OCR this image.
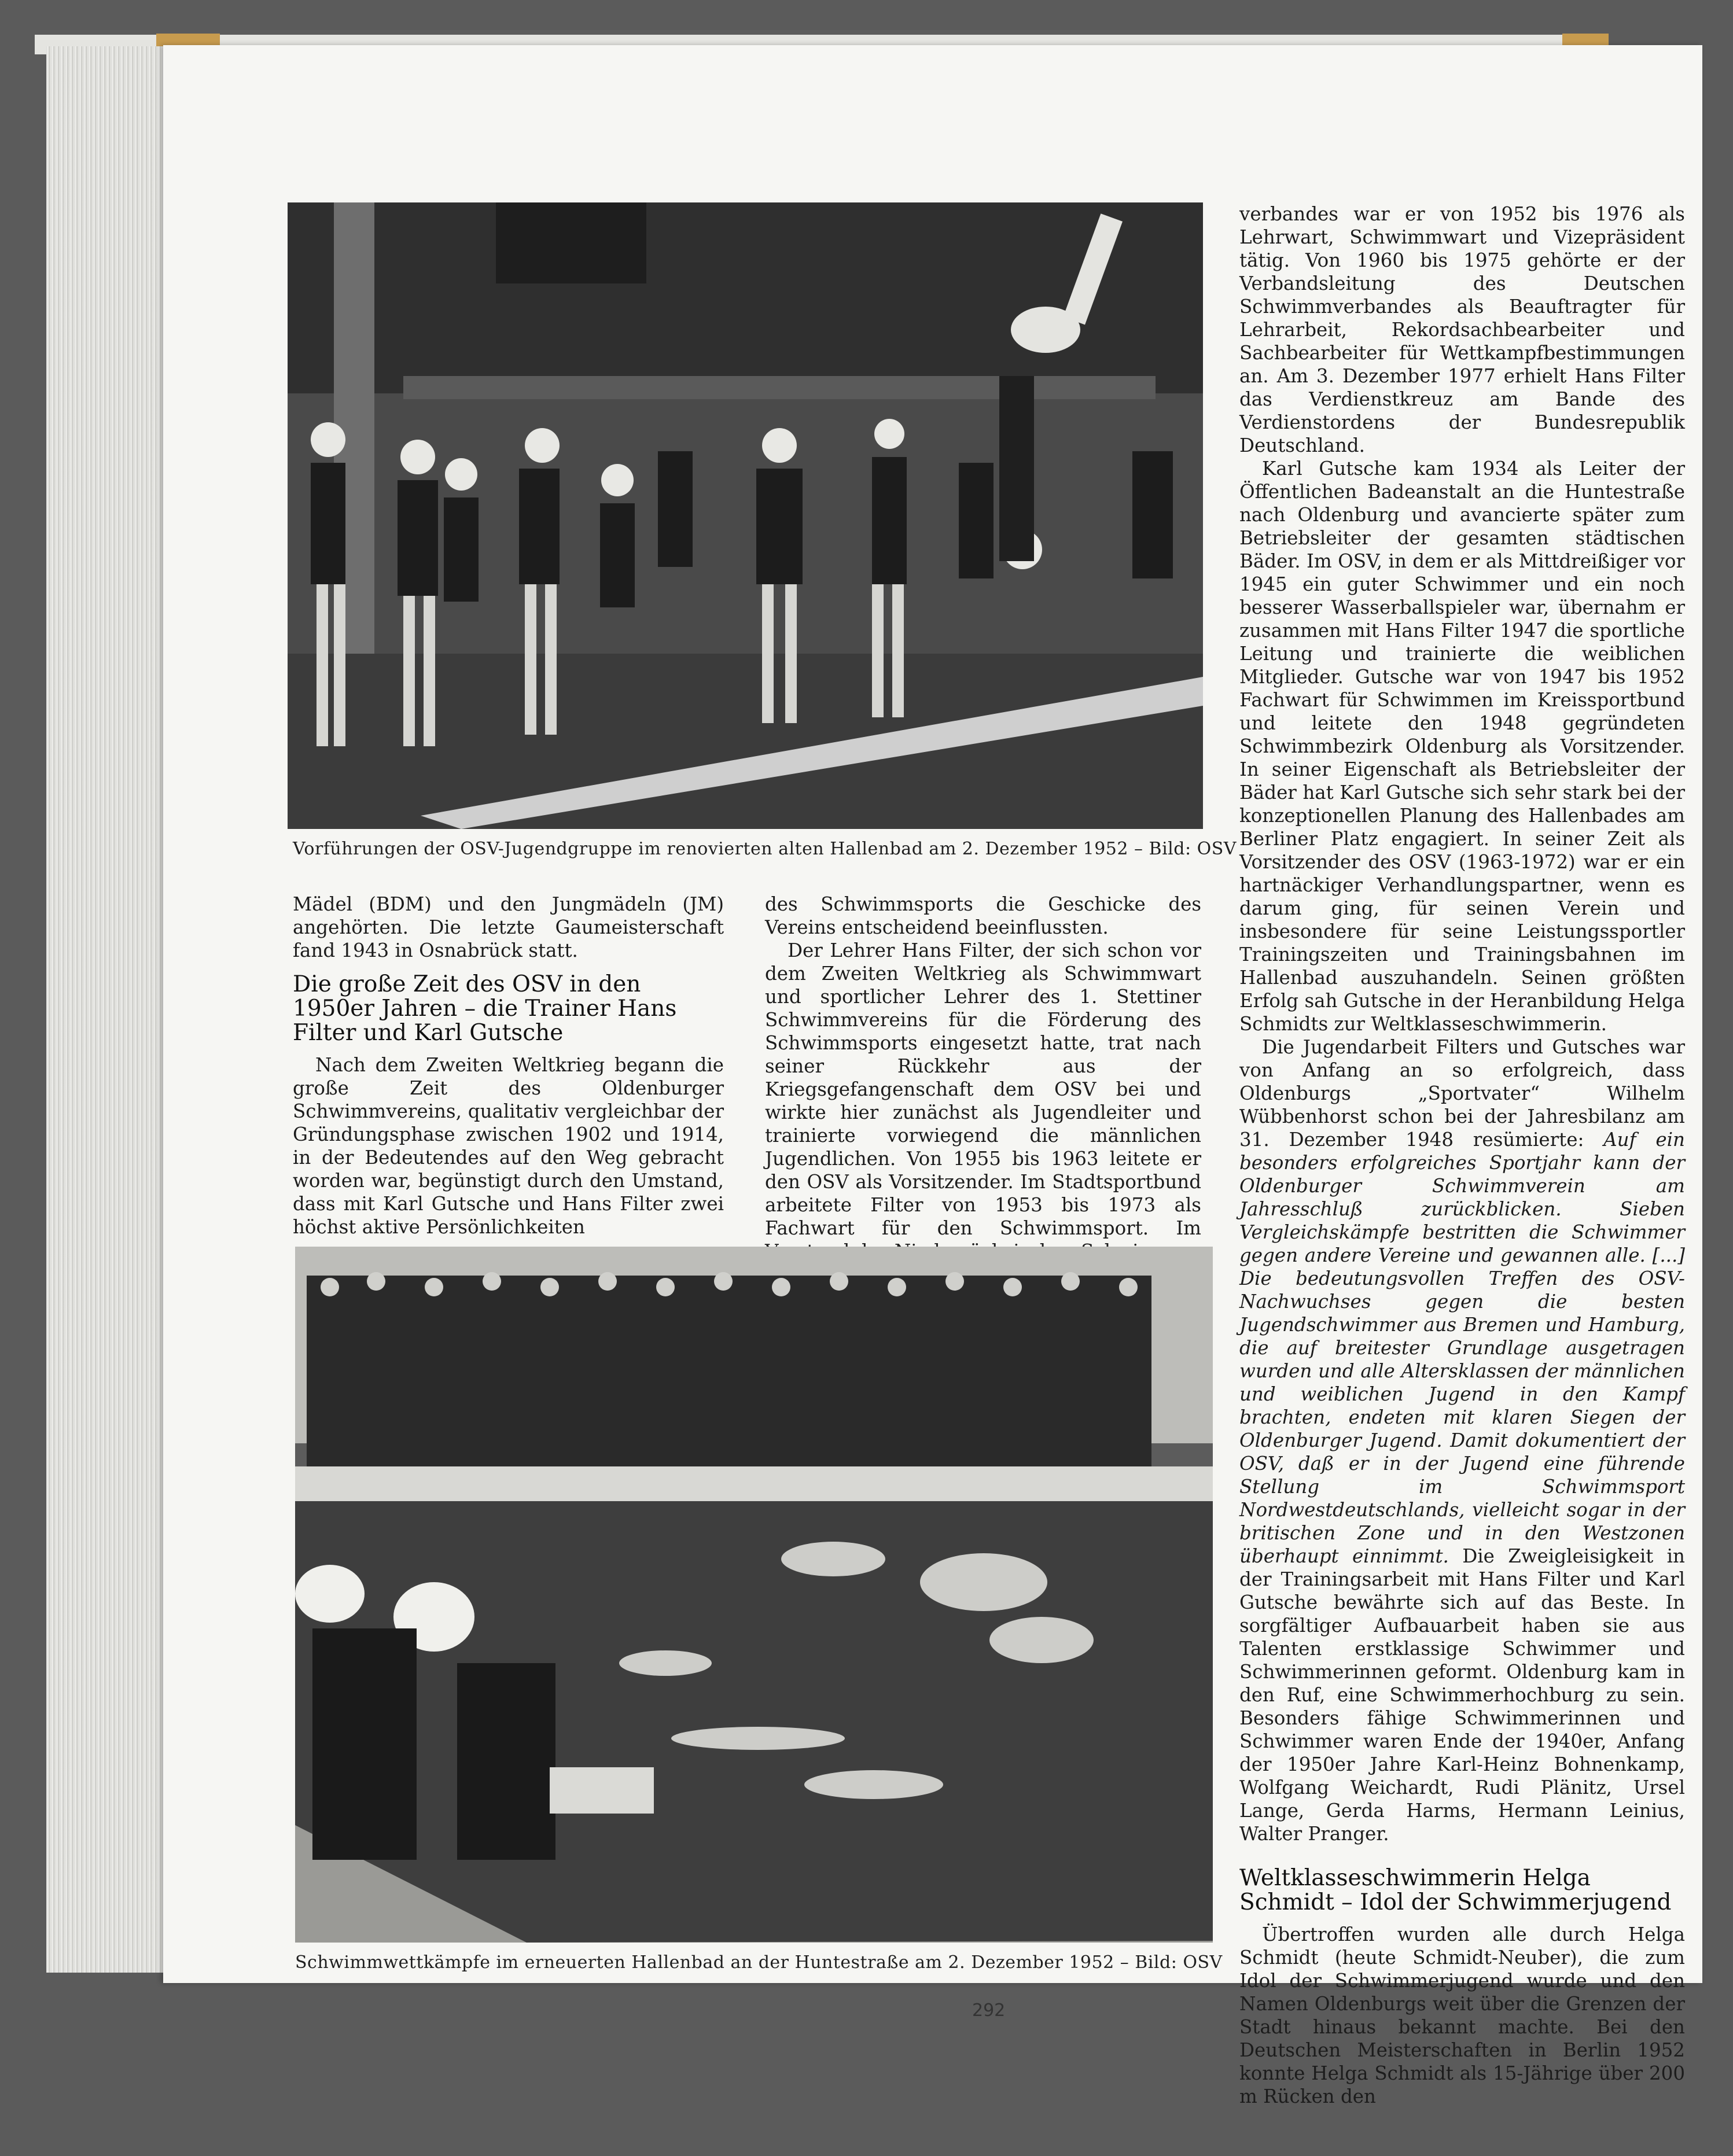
Vorführungen der OSV-Jugendgruppe im renovierten alten Hallenbad am 2. Dezember 1952 – Bild: OSV

Mädel (BDM) und den Jungmädeln (JM) angehörten. Die letzte Gaumeisterschaft fand 1943 in Osnabrück statt.

Die große Zeit des OSV in den 1950er Jahren – die Trainer Hans Filter und Karl Gutsche

Nach dem Zweiten Weltkrieg begann die große Zeit des Oldenburger Schwimmvereins, qualitativ vergleichbar der Gründungsphase zwischen 1902 und 1914, in der Bedeutendes auf den Weg gebracht worden war, begünstigt durch den Umstand, dass mit Karl Gutsche und Hans Filter zwei höchst aktive Persönlichkeiten

des Schwimmsports die Geschicke des Vereins entscheidend beeinflussten.

Der Lehrer Hans Filter, der sich schon vor dem Zweiten Weltkrieg als Schwimmwart und sportlicher Lehrer des 1. Stettiner Schwimmvereins für die Förderung des Schwimmsports eingesetzt hatte, trat nach seiner Rückkehr aus der Kriegsgefangenschaft dem OSV bei und wirkte hier zunächst als Jugendleiter und trainierte vorwiegend die männlichen Jugendlichen. Von 1955 bis 1963 leitete er den OSV als Vorsitzender. Im Stadtsportbund arbeitete Filter von 1953 bis 1973 als Fachwart für den Schwimmsport. Im

Schwimmwettkämpfe im erneuerten Hallenbad an der Huntestraße am 2. Dezember 1952 – Bild: OSV

verbandes war er von 1952 bis 1976 als Lehrwart, Schwimmwart und Vizepräsident tätig. Von 1960 bis 1975 gehörte er der Verbandsleitung des Deutschen Schwimmverbandes als Beauftragter für Lehrarbeit, Rekordsachbearbeiter und Sachbearbeiter für Wettkampfbestimmungen an. Am 3. Dezember 1977 erhielt Hans Filter das Verdienstkreuz am Bande des Verdienstordens der Bundesrepublik Deutschland.

Karl Gutsche kam 1934 als Leiter der Öffentlichen Badeanstalt an die Huntestraße nach Oldenburg und avancierte später zum Betriebsleiter der gesamten städtischen Bäder. Im OSV, in dem er als Mittdreißiger vor 1945 ein guter Schwimmer und ein noch besserer Wasserballspieler war, übernahm er zusammen mit Hans Filter 1947 die sportliche Leitung und trainierte die weiblichen Mitglieder. Gutsche war von 1947 bis 1952 Fachwart für Schwimmen im Kreissportbund und leitete den 1948 gegründeten Schwimmbezirk Oldenburg als Vorsitzender. In seiner Eigenschaft als Betriebsleiter der Bäder hat Karl Gutsche sich sehr stark bei der konzeptionellen Planung des Hallenbades am Berliner Platz engagiert. In seiner Zeit als Vorsitzender des OSV (1963-1972) war er ein hartnäckiger Verhandlungspartner, wenn es darum ging, für seinen Verein und insbesondere für seine Leistungssportler Trainingszeiten und Trainingsbahnen im Hallenbad auszuhandeln. Seinen größten Erfolg sah Gutsche in der Heranbildung Helga Schmidts zur Weltklasseschwimmerin.

Die Jugendarbeit Filters und Gutsches war von Anfang an so erfolgreich, dass Oldenburgs „Sportvater“ Wilhelm Wübbenhorst schon bei der Jahresbilanz am 31. Dezember 1948 resümierte: Auf ein besonders erfolgreiches Sportjahr kann der Oldenburger Schwimmverein am Jahresschluß zurückblicken. Sieben Vergleichskämpfe bestritten die Schwimmer gegen andere Vereine und gewannen alle. [...] Die bedeutungsvollen Treffen des OSV-Nachwuchses gegen die besten Jugendschwimmer aus Bremen und Hamburg, die auf breitester Grundlage ausgetragen wurden und alle Altersklassen der männlichen und weiblichen Jugend in den Kampf brachten, endeten mit klaren Siegen der Oldenburger Jugend. Damit dokumentiert der OSV, daß er in der Jugend eine führende Stellung im Schwimmsport Nordwestdeutschlands, vielleicht sogar in der britischen Zone und in den Westzonen überhaupt einnimmt. Die Zweigleisigkeit in der Trainingsarbeit mit Hans Filter und Karl Gutsche bewährte sich auf das Beste. In sorgfältiger Aufbauarbeit haben sie aus Talenten erstklassige Schwimmer und Schwimmerinnen geformt. Oldenburg kam in den Ruf, eine Schwimmerhochburg zu sein. Besonders fähige Schwimmerinnen und Schwimmer waren Ende der 1940er, Anfang der 1950er Jahre Karl-Heinz Bohnenkamp, Wolfgang Weichardt, Rudi Plänitz, Ursel Lange, Gerda Harms, Hermann Leinius, Walter Pranger.

Weltklasseschwimmerin Helga Schmidt – Idol der Schwimmerjugend

Übertroffen wurden alle durch Helga Schmidt (heute Schmidt-Neuber), die zum Idol der Schwimmerjugend wurde und den Namen Oldenburgs weit über die Grenzen der Stadt hinaus bekannt machte. Bei den Deutschen Meisterschaften in Berlin 1952 konnte Helga Schmidt als 15-Jährige über 200 m Rücken den

292
